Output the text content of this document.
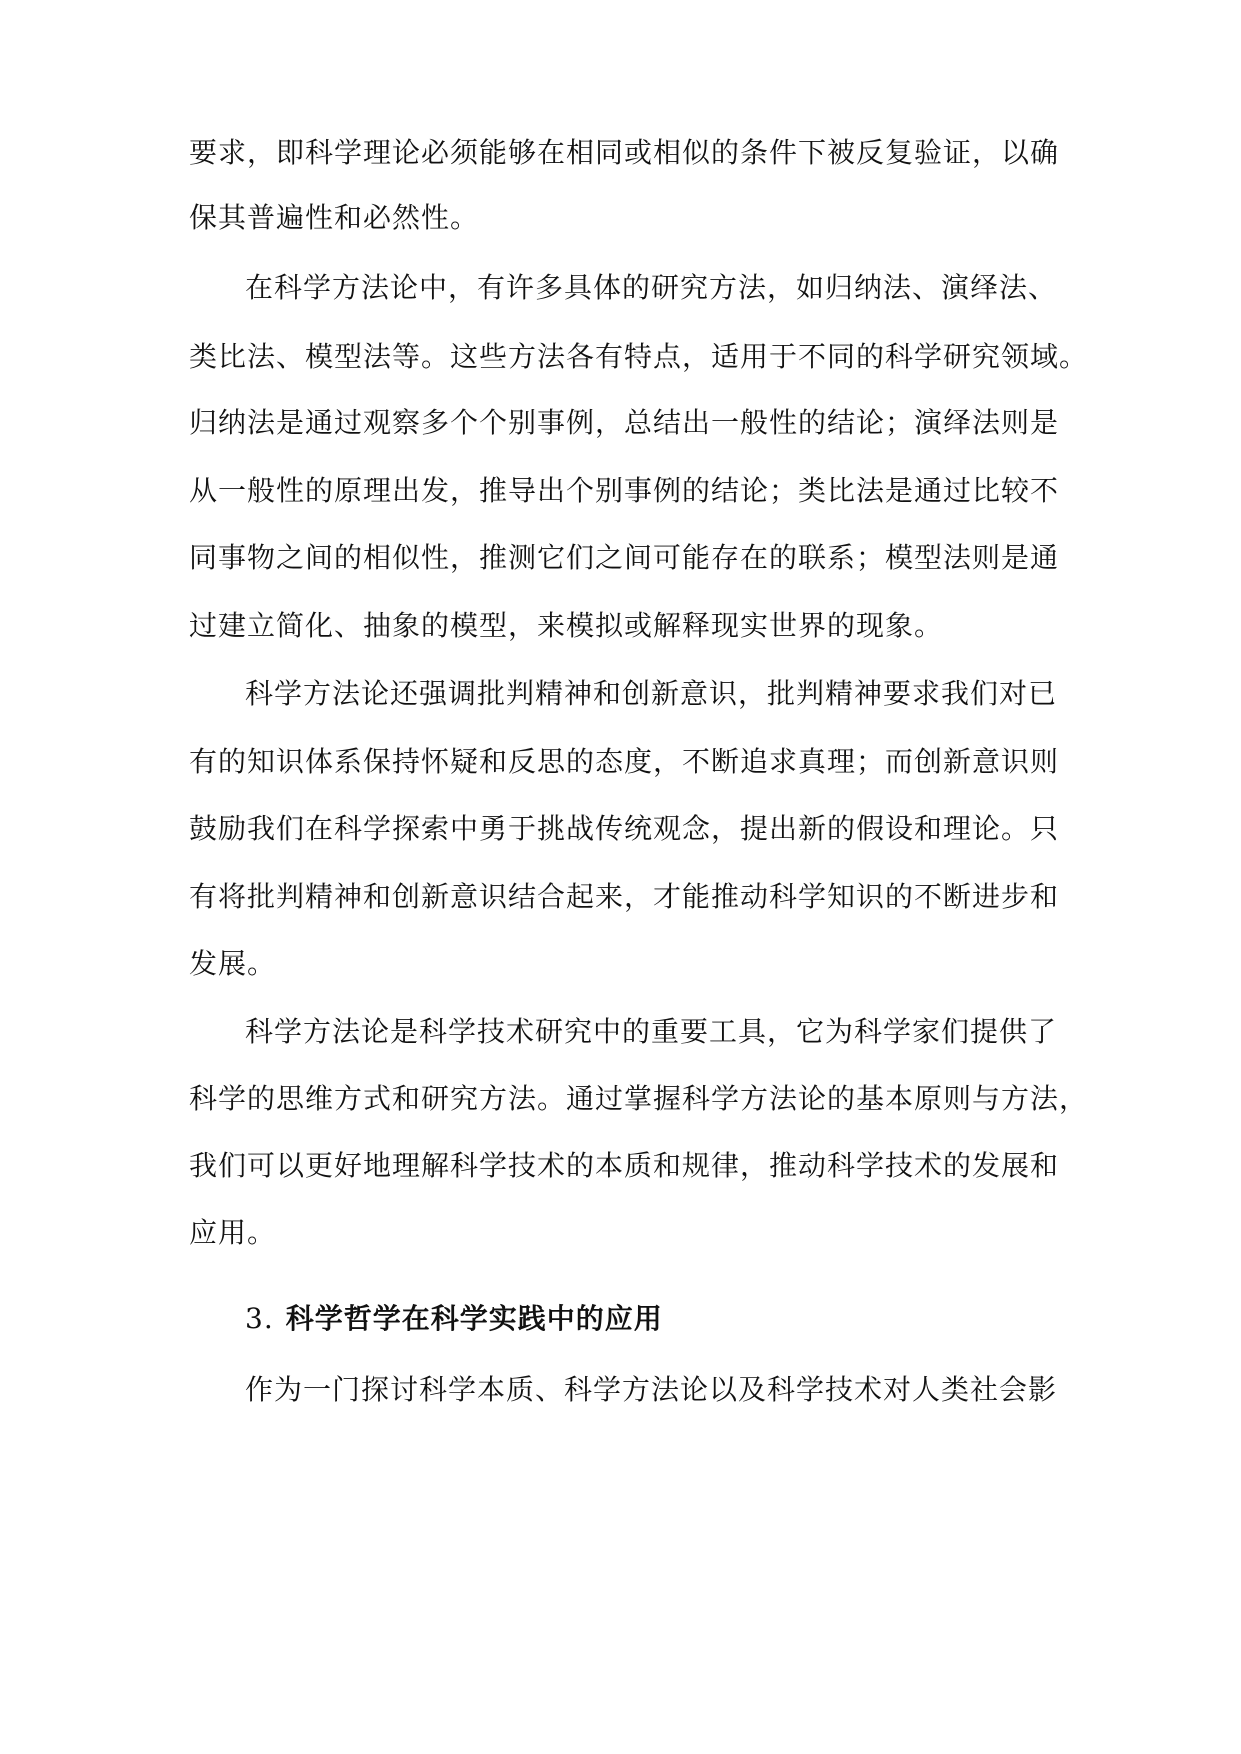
要求，即科学理论必须能够在相同或相似的条件下被反复验证，以确
保其普遍性和必然性。
在科学方法论中，有许多具体的研究方法，如归纳法、演绎法、
类比法、模型法等。这些方法各有特点，适用于不同的科学研究领域。
归纳法是通过观察多个个别事例，总结出一般性的结论；演绎法则是
从一般性的原理出发，推导出个别事例的结论；类比法是通过比较不
同事物之间的相似性，推测它们之间可能存在的联系；模型法则是通
过建立简化、抽象的模型，来模拟或解释现实世界的现象。
科学方法论还强调批判精神和创新意识，批判精神要求我们对已
有的知识体系保持怀疑和反思的态度，不断追求真理；而创新意识则
鼓励我们在科学探索中勇于挑战传统观念，提出新的假设和理论。只
有将批判精神和创新意识结合起来，才能推动科学知识的不断进步和
发展。
科学方法论是科学技术研究中的重要工具，它为科学家们提供了
科学的思维方式和研究方法。通过掌握科学方法论的基本原则与方法，
我们可以更好地理解科学技术的本质和规律，推动科学技术的发展和
应用。
3. 科学哲学在科学实践中的应用
作为一门探讨科学本质、科学方法论以及科学技术对人类社会影
